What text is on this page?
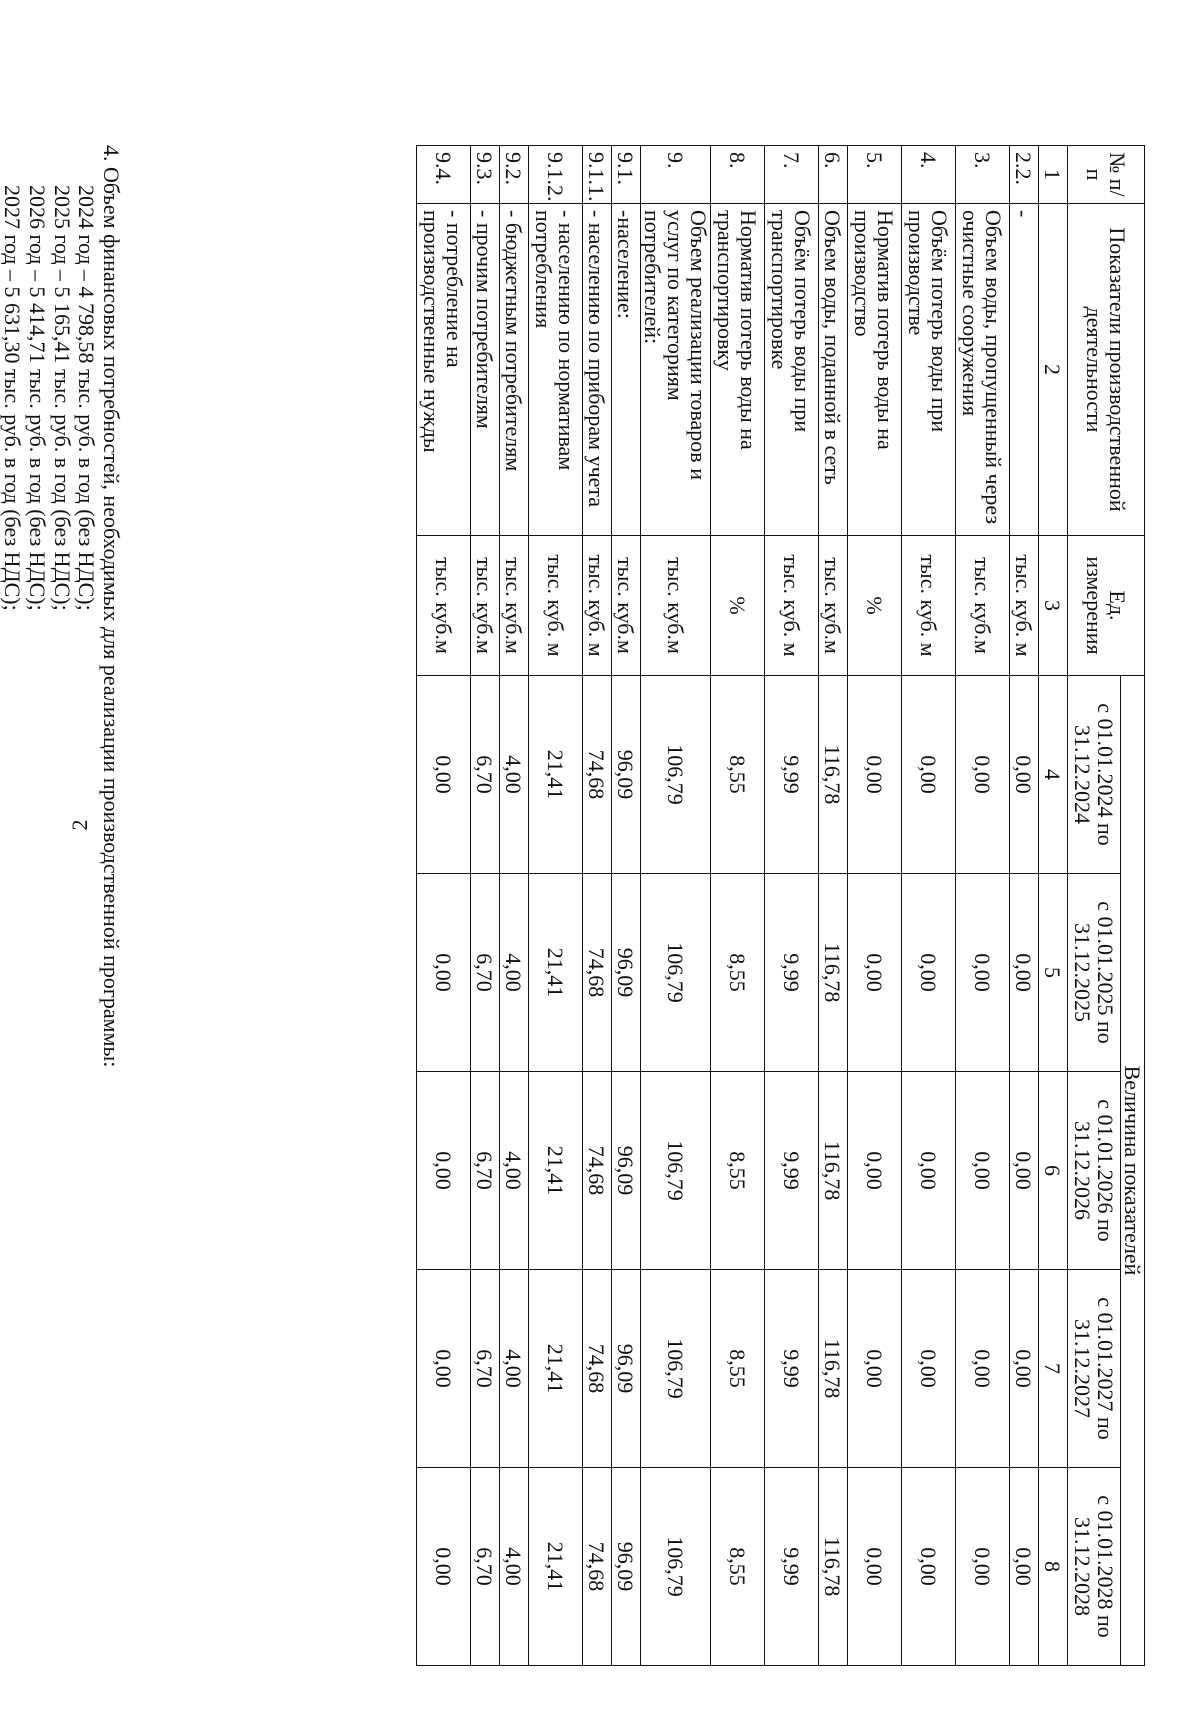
2
№ п/п	Показатели производственной деятельности	Ед. измерения	Величина показателей				
			с 01.01.2024 по 31.12.2024	с 01.01.2025 по 31.12.2025	с 01.01.2026 по 31.12.2026	с 01.01.2027 по 31.12.2027	с 01.01.2028 по 31.12.2028
1	2	3	4	5	6	7	8
2.2.	-	тыс. куб. м	0,00	0,00	0,00	0,00	0,00
3.	Объем воды, пропущенный через очистные сооружения	тыс. куб.м	0,00	0,00	0,00	0,00	0,00
4.	Объём потерь воды при производстве	тыс. куб. м	0,00	0,00	0,00	0,00	0,00
5.	Норматив потерь воды на производство	%	0,00	0,00	0,00	0,00	0,00
6.	Объем воды, поданной в сеть	тыс. куб.м	116,78	116,78	116,78	116,78	116,78
7.	Объём потерь воды при транспортировке	тыс. куб. м	9,99	9,99	9,99	9,99	9,99
8.	Норматив потерь воды на транспортировку	%	8,55	8,55	8,55	8,55	8,55
9.	Объем реализации товаров и услуг по категориям потребителей:	тыс. куб.м	106,79	106,79	106,79	106,79	106,79
9.1.	-население:	тыс. куб.м	96,09	96,09	96,09	96,09	96,09
9.1.1.	- населению по приборам учета	тыс. куб. м	74,68	74,68	74,68	74,68	74,68
9.1.2.	- населению по нормативам потребления	тыс. куб. м	21,41	21,41	21,41	21,41	21,41
9.2.	- бюджетным потребителям	тыс. куб.м	4,00	4,00	4,00	4,00	4,00
9.3.	- прочим потребителям	тыс. куб.м	6,70	6,70	6,70	6,70	6,70
9.4.	- потребление на производственные нужды	тыс. куб.м	0,00	0,00	0,00	0,00	0,00
4. Объем финансовых потребностей, необходимых для реализации производственной программы:
2024 год – 4 798,58 тыс. руб. в год (без НДС);
2025 год – 5 165,41 тыс. руб. в год (без НДС);
2026 год – 5 414,71 тыс. руб. в год (без НДС);
2027 год – 5 631,30 тыс. руб. в год (без НДС);
